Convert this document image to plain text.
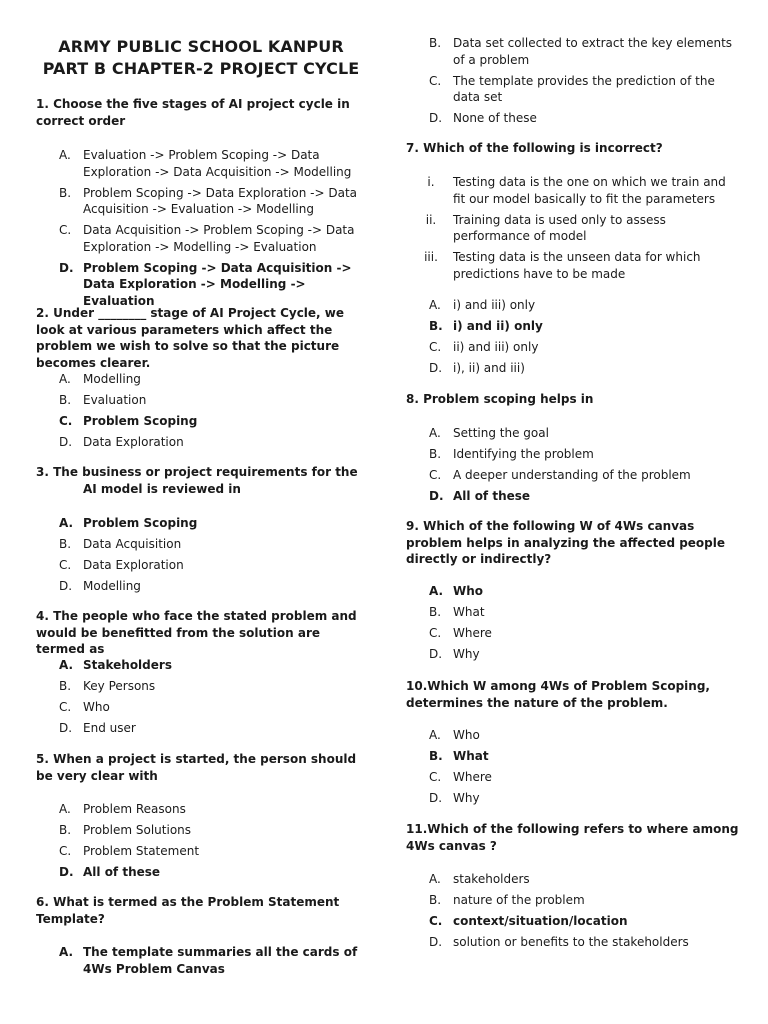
ARMY PUBLIC SCHOOL KANPUR
PART B CHAPTER-2 PROJECT CYCLE
1. Choose the five stages of AI project cycle in correct order
A. Evaluation -> Problem Scoping -> Data Exploration -> Data Acquisition -> Modelling
B. Problem Scoping -> Data Exploration -> Data Acquisition -> Evaluation -> Modelling
C. Data Acquisition -> Problem Scoping -> Data Exploration -> Modelling -> Evaluation
D. Problem Scoping -> Data Acquisition -> Data Exploration -> Modelling -> Evaluation
2. Under ________ stage of AI Project Cycle, we look at various parameters which affect the problem we wish to solve so that the picture becomes clearer.
A. Modelling
B. Evaluation
C. Problem Scoping
D. Data Exploration
3. The business or project requirements for the AI model is reviewed in
A. Problem Scoping
B. Data Acquisition
C. Data Exploration
D. Modelling
4. The people who face the stated problem and would be benefitted from the solution are termed as
A. Stakeholders
B. Key Persons
C. Who
D. End user
5. When a project is started, the person should be very clear with
A. Problem Reasons
B. Problem Solutions
C. Problem Statement
D. All of these
6. What is termed as the Problem Statement Template?
A. The template summaries all the cards of 4Ws Problem Canvas
B. Data set collected to extract the key elements of a problem
C. The template provides the prediction of the data set
D. None of these
7. Which of the following is incorrect?
i.	Testing data is the one on which we train and fit our model basically to fit the parameters
ii.	Training data is used only to assess performance of model
iii.	Testing data is the unseen data for which predictions have to be made
A. i) and iii) only
B. i) and ii) only
C. ii) and iii) only
D. i), ii) and iii)
8. Problem scoping helps in
A. Setting the goal
B. Identifying the problem
C. A deeper understanding of the problem
D. All of these
9. Which of the following W of 4Ws canvas problem helps in analyzing the affected people directly or indirectly?
A. Who
B. What
C. Where
D. Why
10.Which W among 4Ws of Problem Scoping, determines the nature of the problem.
A. Who
B. What
C. Where
D. Why
11.Which of the following refers to where among 4Ws canvas ?
A. stakeholders
B. nature of the problem
C. context/situation/location
D. solution or benefits to the stakeholders
